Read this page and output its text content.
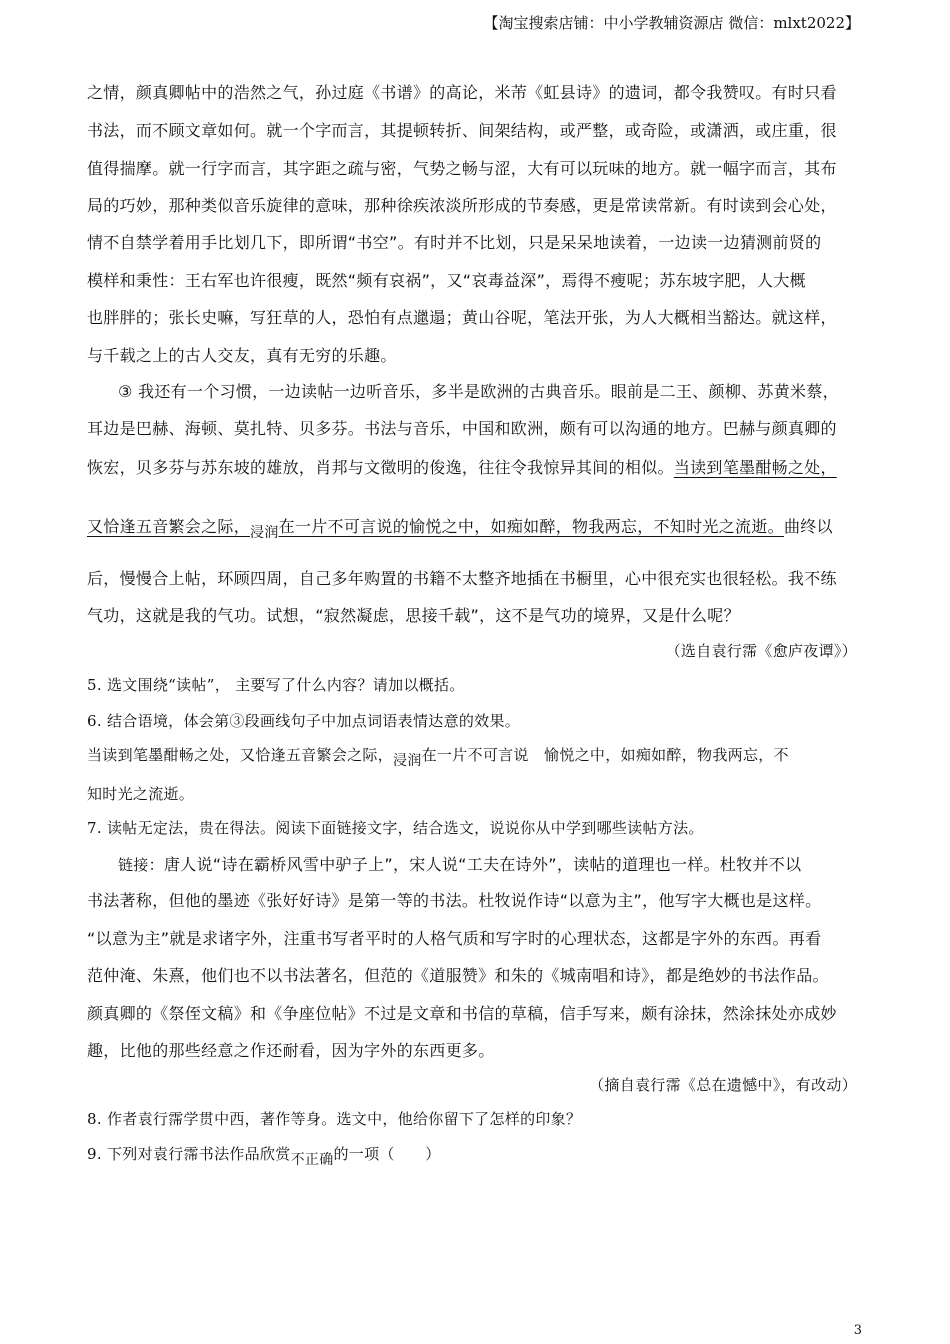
【淘宝搜索店铺：中小学教辅资源店 微信：mlxt2022】
之情，颜真卿帖中的浩然之气，孙过庭《书谱》的高论，米芾《虹县诗》的遗词，都令我赞叹。有时只看
书法，而不顾文章如何。就一个字而言，其提顿转折、间架结构，或严整，或奇险，或潇洒，或庄重，很
值得揣摩。就一行字而言，其字距之疏与密，气势之畅与涩，大有可以玩味的地方。就一幅字而言，其布
局的巧妙，那种类似音乐旋律的意味，那种徐疾浓淡所形成的节奏感，更是常读常新。有时读到会心处，
情不自禁学着用手比划几下，即所谓“书空”。有时并不比划，只是呆呆地读着，一边读一边猜测前贤的
模样和秉性：王右军也许很瘦，既然“频有哀祸”，又“哀毒益深”，焉得不瘦呢；苏东坡字肥，人大概
也胖胖的；张长史嘛，写狂草的人，恐怕有点邋遢；黄山谷呢，笔法开张，为人大概相当豁达。就这样，
与千载之上的古人交友，真有无穷的乐趣。
③ 我还有一个习惯，一边读帖一边听音乐，多半是欧洲的古典音乐。眼前是二王、颜柳、苏黄米蔡，
耳边是巴赫、海顿、莫扎特、贝多芬。书法与音乐，中国和欧洲，颇有可以沟通的地方。巴赫与颜真卿的
恢宏，贝多芬与苏东坡的雄放，肖邦与文徵明的俊逸，往往令我惊异其间的相似。当读到笔墨酣畅之处，
又恰逢五音繁会之际，浸润在一片不可言说的愉悦之中，如痴如醉，物我两忘，不知时光之流逝。曲终以
后，慢慢合上帖，环顾四周，自己多年购置的书籍不太整齐地插在书橱里，心中很充实也很轻松。我不练
气功，这就是我的气功。试想，“寂然凝虑，思接千载”，这不是气功的境界，又是什么呢？
（选自袁行霈《愈庐夜谭》）
5. 选文围绕“读帖”， 主要写了什么内容？请加以概括。
6. 结合语境，体会第③段画线句子中加点词语表情达意的效果。
当读到笔墨酣畅之处，又恰逢五音繁会之际，浸润在一片不可言说　愉悦之中，如痴如醉，物我两忘，不
知时光之流逝。
7. 读帖无定法，贵在得法。阅读下面链接文字，结合选文，说说你从中学到哪些读帖方法。
链接：唐人说“诗在霸桥风雪中驴子上”，宋人说“工夫在诗外”，读帖的道理也一样。杜牧并不以
书法著称，但他的墨迹《张好好诗》是第一等的书法。杜牧说作诗“以意为主”，他写字大概也是这样。
“以意为主”就是求诸字外，注重书写者平时的人格气质和写字时的心理状态，这都是字外的东西。再看
范仲淹、朱熹，他们也不以书法著名，但范的《道服赞》和朱的《城南唱和诗》，都是绝妙的书法作品。
颜真卿的《祭侄文稿》和《争座位帖》不过是文章和书信的草稿，信手写来，颇有涂抹，然涂抹处亦成妙
趣，比他的那些经意之作还耐看，因为字外的东西更多。
（摘自袁行霈《总在遗憾中》，有改动）
8. 作者袁行霈学贯中西，著作等身。选文中，他给你留下了怎样的印象？
9. 下列对袁行霈书法作品欣赏不正确的一项（　　）
3
